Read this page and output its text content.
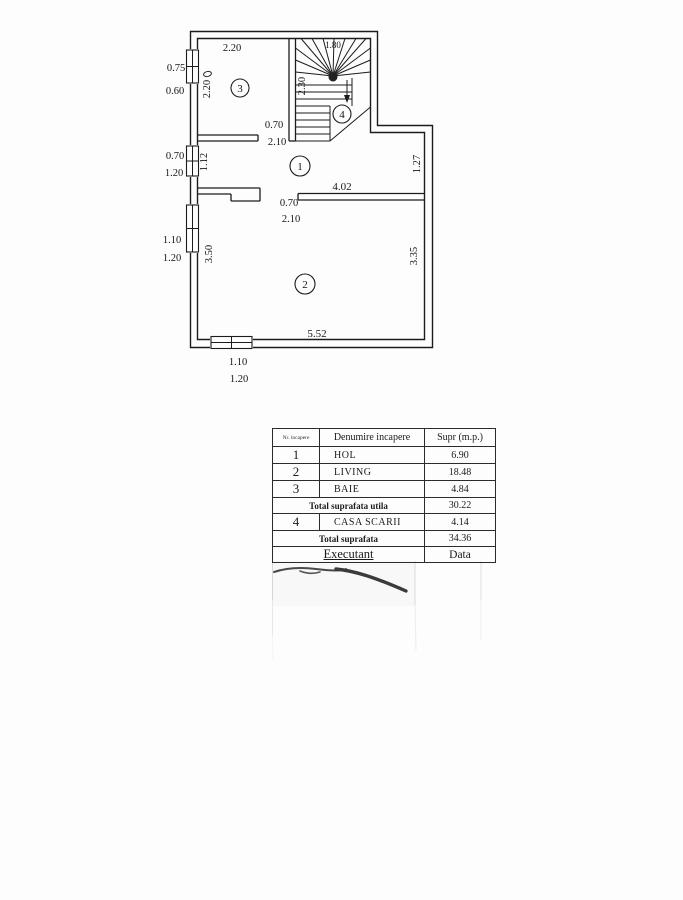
1
2
3
4
2.20
0.75
0.60 2.20
0.70
2.10
1.80
2.30
0.70
1.20
1.12
4.02
1.27
0.70
2.10
1.10
1.20 3.50	3.35
5.52
1.10
1.20
Nr. incapere	Denumire incapere	Supr (m.p.)
1	HOL	6.90
2	LIVING	18.48
3	BAIE	4.84
Total suprafata utila		30.22
4	CASA SCARII	4.14
Total suprafata		34.36
Executant		Data
